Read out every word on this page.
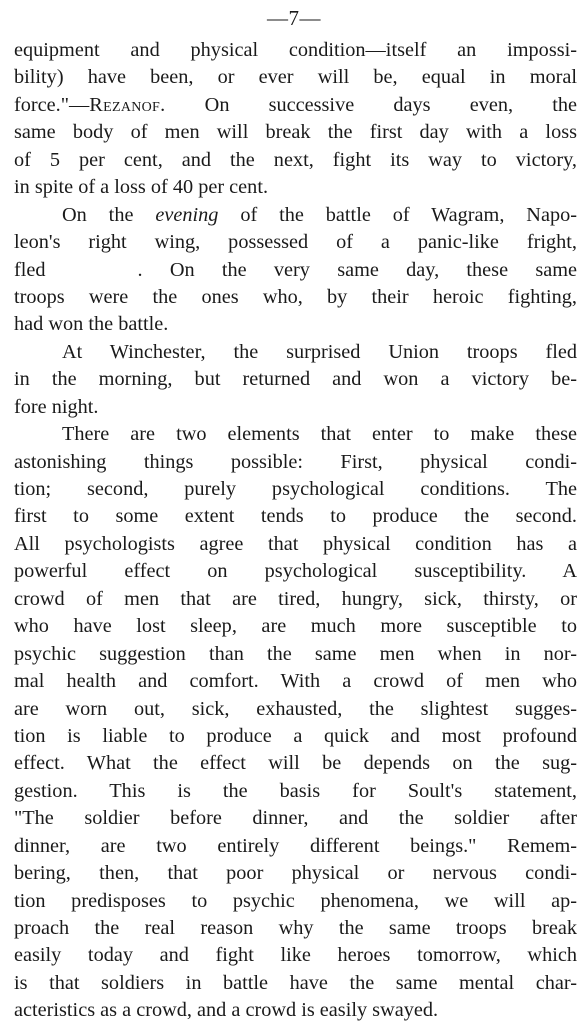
—7—
equipment and physical condition—itself an impossi-
bility) have been, or ever will be, equal in moral
force."—Rezanof. On successive days even, the
same body of men will break the first day with a loss
of 5 per cent, and the next, fight its way to victory,
in spite of a loss of 40 per cent.
On the evening of the battle of Wagram, Napo-
leon's right wing, possessed of a panic-like fright,
fled	. On the very same day, these same
troops were the ones who, by their heroic fighting,
had won the battle.
At Winchester, the surprised Union troops fled
in the morning, but returned and won a victory be-
fore night.
There are two elements that enter to make these
astonishing things possible: First, physical condi-
tion; second, purely psychological conditions. The
first to some extent tends to produce the second.
All psychologists agree that physical condition has a
powerful effect on psychological susceptibility. A
crowd of men that are tired, hungry, sick, thirsty, or
who have lost sleep, are much more susceptible to
psychic suggestion than the same men when in nor-
mal health and comfort. With a crowd of men who
are worn out, sick, exhausted, the slightest sugges-
tion is liable to produce a quick and most profound
effect. What the effect will be depends on the sug-
gestion. This is the basis for Soult's statement,
"The soldier before dinner, and the soldier after
dinner, are two entirely different beings." Remem-
bering, then, that poor physical or nervous condi-
tion predisposes to psychic phenomena, we will ap-
proach the real reason why the same troops break
easily today and fight like heroes tomorrow, which
is that soldiers in battle have the same mental char-
acteristics as a crowd, and a crowd is easily swayed.
